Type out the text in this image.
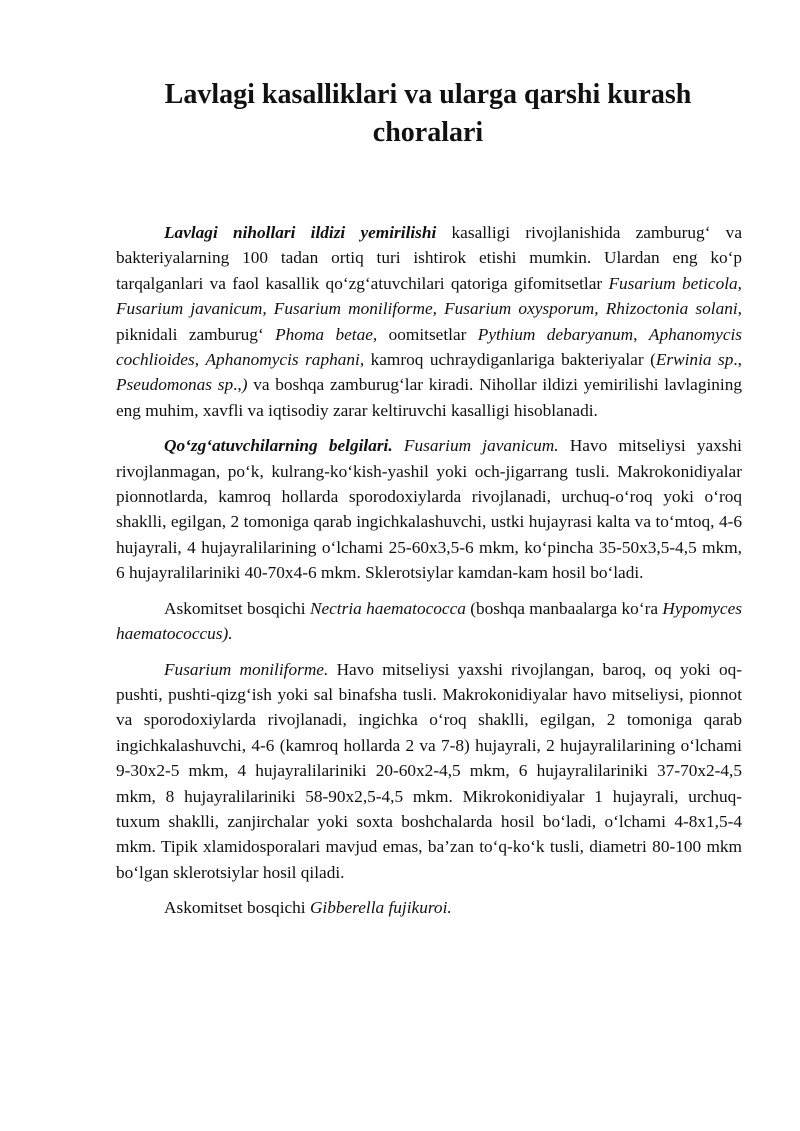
Lavlagi kasalliklari va ularga qarshi kurash choralari

Lavlagi nihollari ildizi yemirilishi kasalligi rivojlanishida zamburug‘ va bakteriyalarning 100 tadan ortiq turi ishtirok etishi mumkin. Ulardan eng ko‘p tarqalganlari va faol kasallik qo‘zg‘atuvchilari qatoriga gifomitsetlar Fusarium beticola, Fusarium javanicum, Fusarium moniliforme, Fusarium oxysporum, Rhizoctonia solani, piknidali zamburug‘ Phoma betae, oomitsetlar Pythium debaryanum, Aphanomycis cochlioides, Aphanomycis raphani, kamroq uchraydiganlariga bakteriyalar (Erwinia sp., Pseudomonas sp.,) va boshqa zamburug‘lar kiradi. Nihollar ildizi yemirilishi lavlagining eng muhim, xavfli va iqtisodiy zarar keltiruvchi kasalligi hisoblanadi.

Qo‘zg‘atuvchilarning belgilari. Fusarium javanicum. Havo mitseliysi yaxshi rivojlanmagan, po‘k, kulrang-ko‘kish-yashil yoki och-jigarrang tusli. Makrokonidiyalar pionnotlarda, kamroq hollarda sporodoxiylarda rivojlanadi, urchuq-o‘roq yoki o‘roq shaklli, egilgan, 2 tomoniga qarab ingichkalashuvchi, ustki hujayrasi kalta va to‘mtoq, 4-6 hujayrali, 4 hujayralilarining o‘lchami 25-60x3,5-6 mkm, ko‘pincha 35-50x3,5-4,5 mkm, 6 hujayralilariniki 40-70x4-6 mkm. Sklerotsiylar kamdan-kam hosil bo‘ladi.

Askomitset bosqichi Nectria haematococca (boshqa manbaalarga ko‘ra Hypomyces haematococcus).

Fusarium moniliforme. Havo mitseliysi yaxshi rivojlangan, baroq, oq yoki oq-pushti, pushti-qizg‘ish yoki sal binafsha tusli. Makrokonidiyalar havo mitseliysi, pionnot va sporodoxiylarda rivojlanadi, ingichka o‘roq shaklli, egilgan, 2 tomoniga qarab ingichkalashuvchi, 4-6 (kamroq hollarda 2 va 7-8) hujayrali, 2 hujayralilarining o‘lchami 9-30x2-5 mkm, 4 hujayralilariniki 20-60x2-4,5 mkm, 6 hujayralilariniki 37-70x2-4,5 mkm, 8 hujayralilariniki 58-90x2,5-4,5 mkm. Mikrokonidiyalar 1 hujayrali, urchuq-tuxum shaklli, zanjirchalar yoki soxta boshchalarda hosil bo‘ladi, o‘lchami 4-8x1,5-4 mkm. Tipik xlamidosporalari mavjud emas, ba’zan to‘q-ko‘k tusli, diametri 80-100 mkm bo‘lgan sklerotsiylar hosil qiladi.

Askomitset bosqichi Gibberella fujikuroi.
